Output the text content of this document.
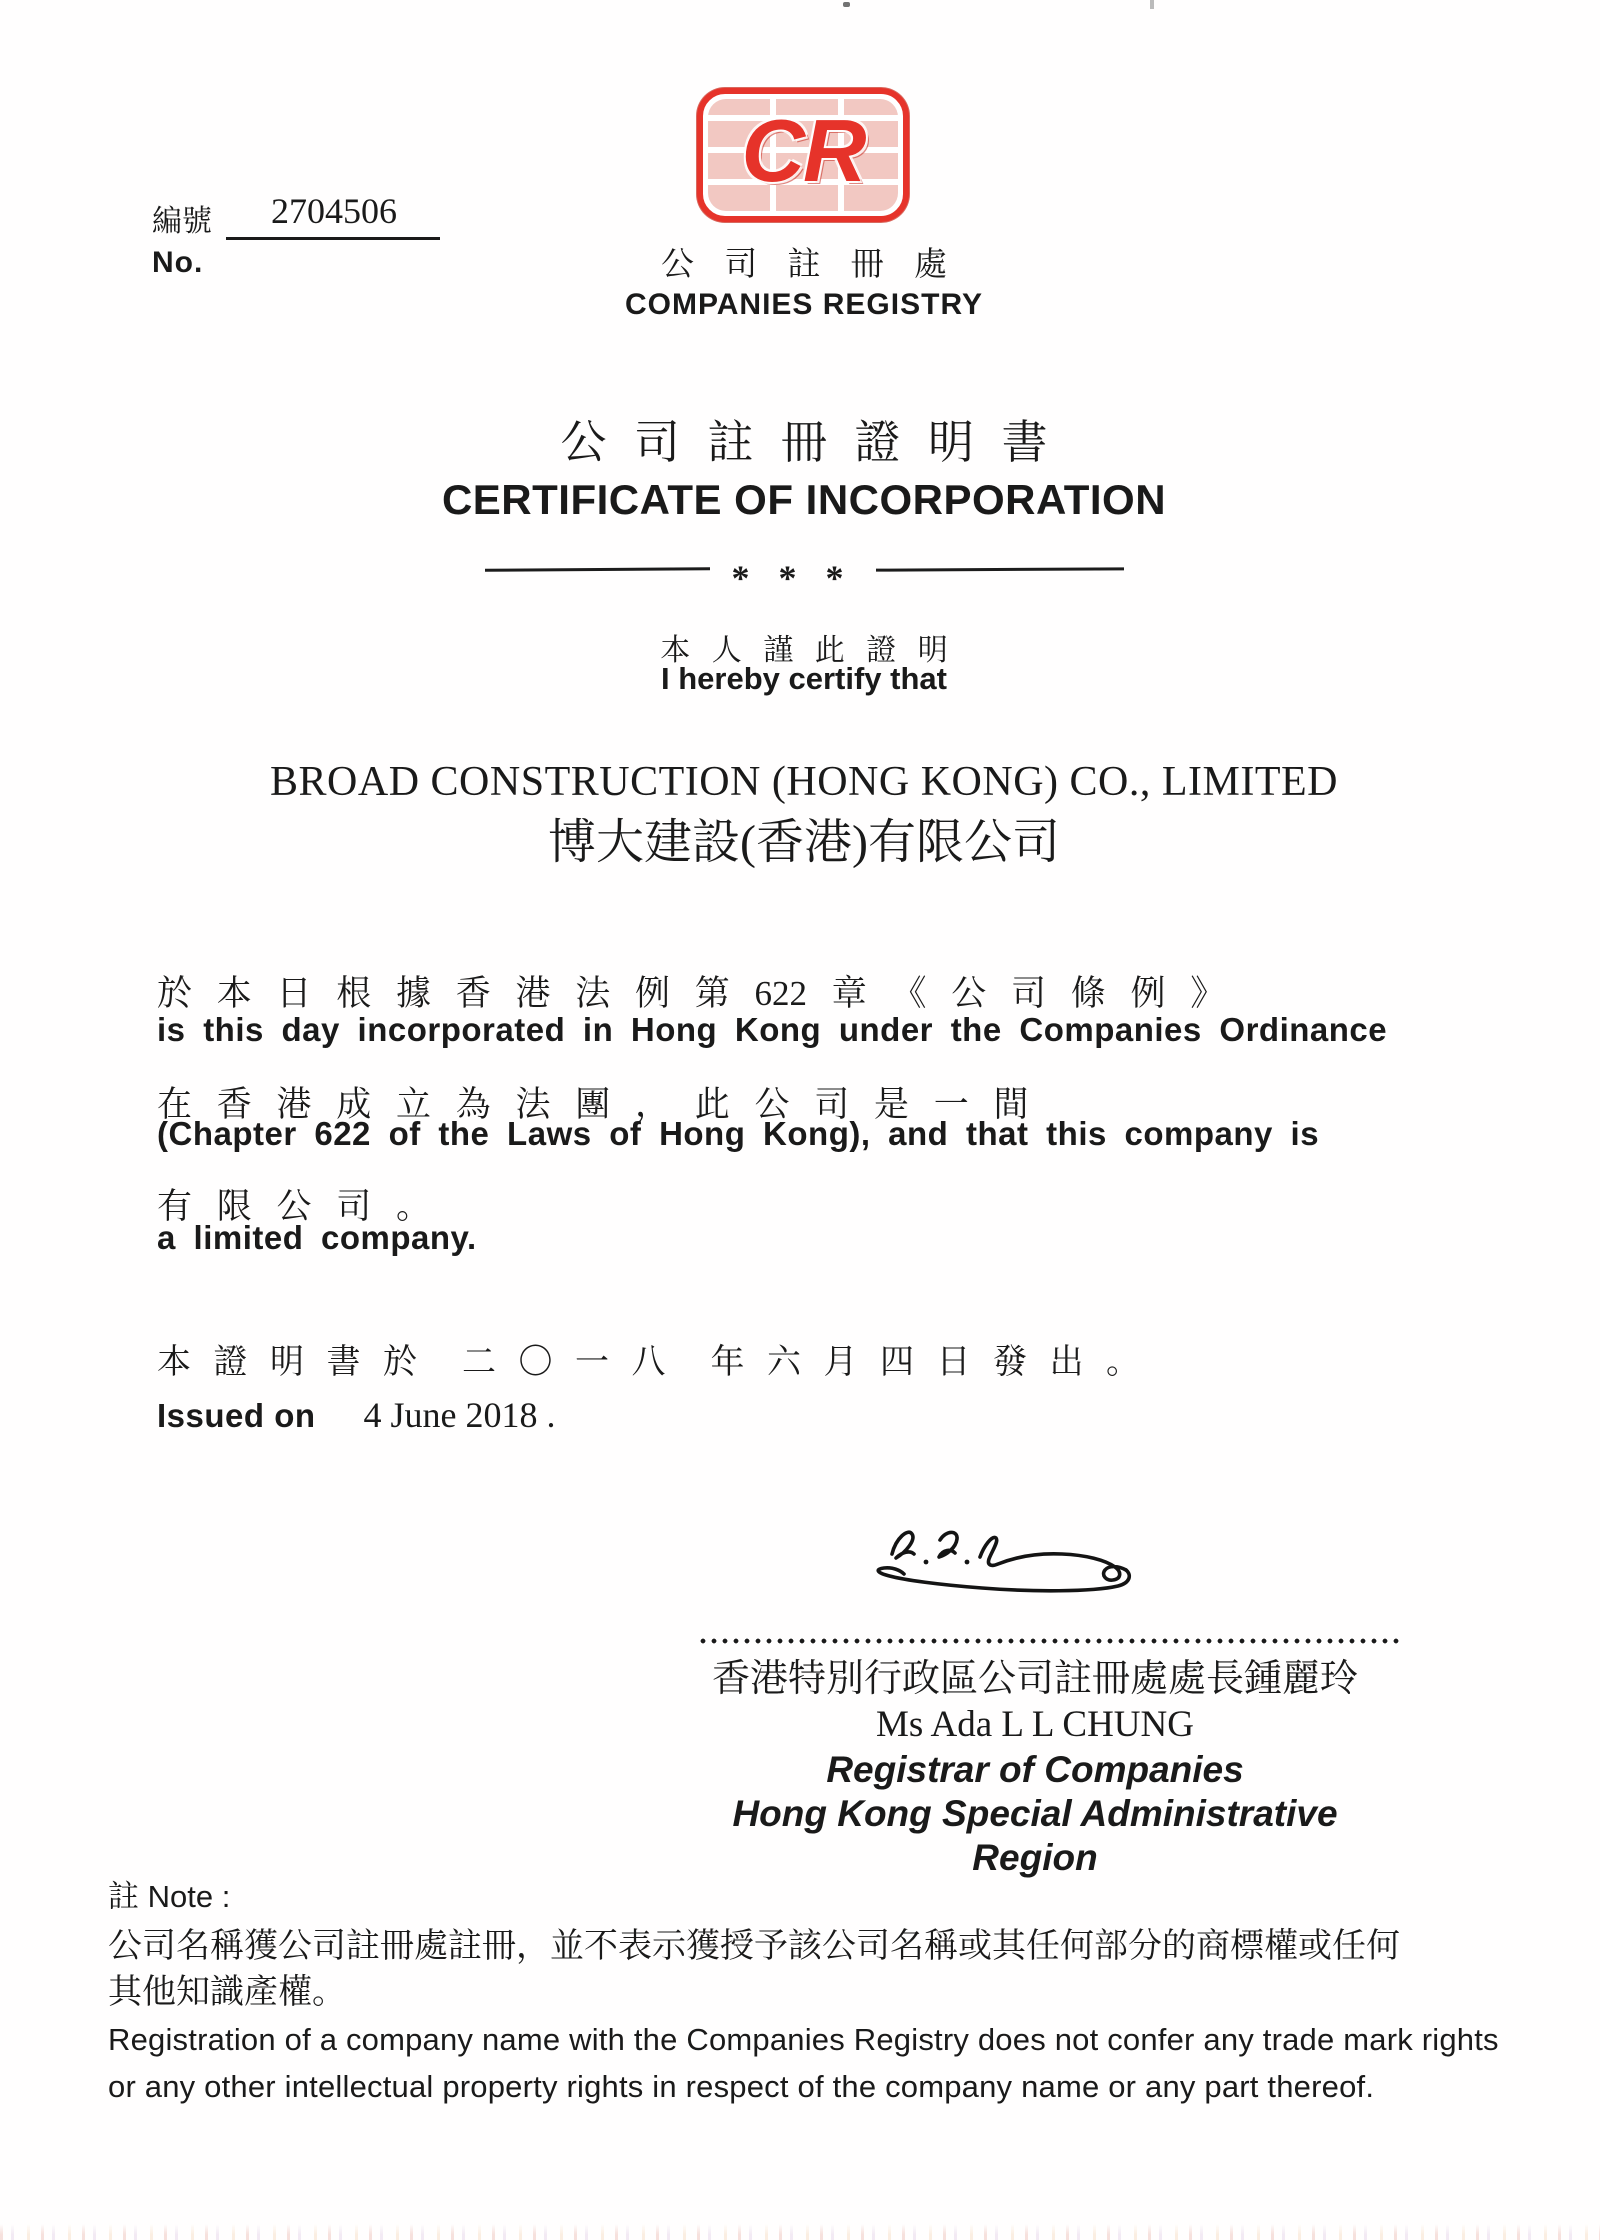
編號	2704506
No.
CR
公 司 註 冊 處
COMPANIES REGISTRY
公 司 註 冊 證 明 書
CERTIFICATE OF INCORPORATION
* * *
本 人 謹 此 證 明
I hereby certify that
BROAD CONSTRUCTION (HONG KONG) CO., LIMITED
博大建設(香港)有限公司
於 本 日 根 據 香 港 法 例 第 622 章 《 公 司 條 例 》
is this day incorporated in Hong Kong under the Companies Ordinance
在 香 港 成 立 為 法 團 ， 此 公 司 是 一 間
(Chapter 622 of the Laws of Hong Kong), and that this company is
有 限 公 司 。
a limited company.
本 證 明 書 於  二 〇 一 八  年 六 月 四 日 發 出 。
Issued on 4 June 2018 .
香港特別行政區公司註冊處處長鍾麗玲
Ms Ada L L CHUNG
Registrar of Companies
Hong Kong Special Administrative Region
註 Note :
公司名稱獲公司註冊處註冊，並不表示獲授予該公司名稱或其任何部分的商標權或任何
其他知識產權。
Registration of a company name with the Companies Registry does not confer any trade mark rights
or any other intellectual property rights in respect of the company name or any part thereof.
